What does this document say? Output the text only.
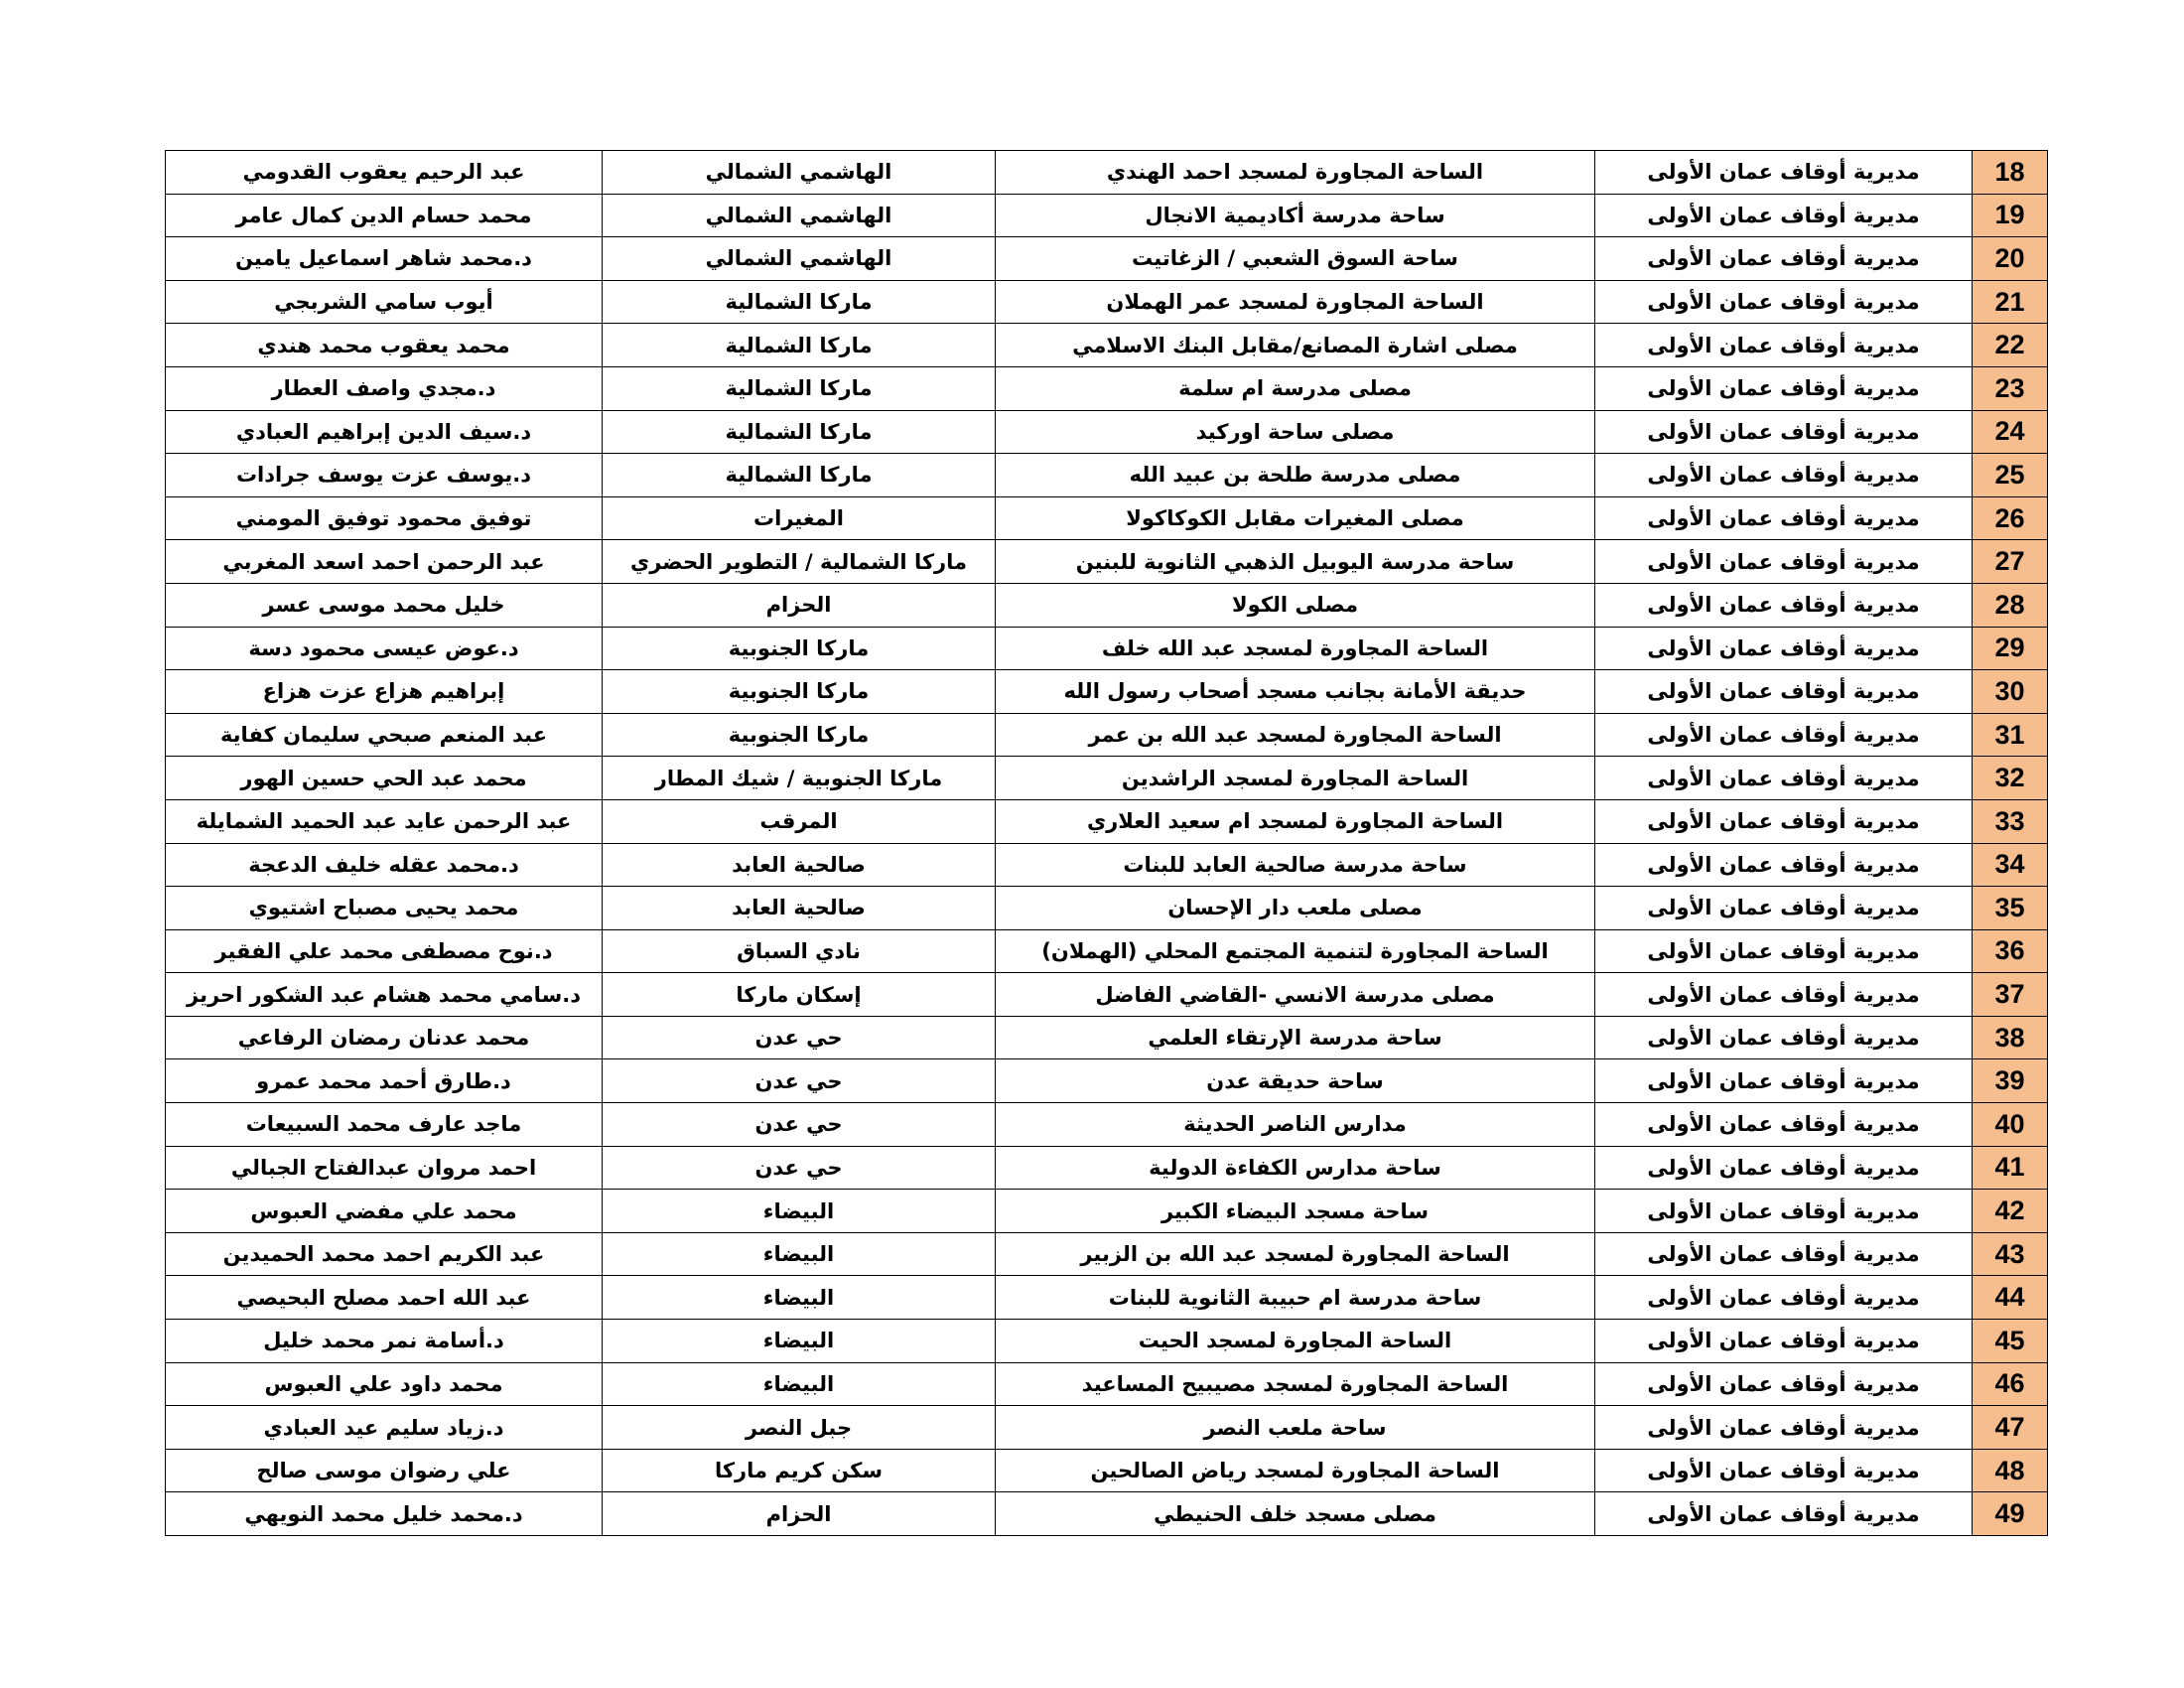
18	مديرية أوقاف عمان الأولى	الساحة المجاورة لمسجد احمد الهندي	الهاشمي الشمالي	عبد الرحيم يعقوب القدومي
19	مديرية أوقاف عمان الأولى	ساحة مدرسة أكاديمية الانجال	الهاشمي الشمالي	محمد حسام الدين كمال عامر
20	مديرية أوقاف عمان الأولى	ساحة السوق الشعبي / الزغاتيت	الهاشمي الشمالي	د.محمد شاهر اسماعيل يامين
21	مديرية أوقاف عمان الأولى	الساحة المجاورة لمسجد عمر الهملان	ماركا الشمالية	أيوب سامي الشربجي
22	مديرية أوقاف عمان الأولى	مصلى اشارة المصانع/مقابل البنك الاسلامي	ماركا الشمالية	محمد يعقوب محمد هندي
23	مديرية أوقاف عمان الأولى	مصلى مدرسة ام سلمة	ماركا الشمالية	د.مجدي واصف العطار
24	مديرية أوقاف عمان الأولى	مصلى ساحة اوركيد	ماركا الشمالية	د.سيف الدين إبراهيم العبادي
25	مديرية أوقاف عمان الأولى	مصلى مدرسة طلحة بن عبيد الله	ماركا الشمالية	د.يوسف عزت يوسف جرادات
26	مديرية أوقاف عمان الأولى	مصلى المغيرات مقابل الكوكاكولا	المغيرات	توفيق محمود توفيق المومني
27	مديرية أوقاف عمان الأولى	ساحة مدرسة اليوبيل الذهبي الثانوية للبنين	ماركا الشمالية / التطوير الحضري	عبد الرحمن احمد اسعد المغربي
28	مديرية أوقاف عمان الأولى	مصلى الكولا	الحزام	خليل محمد موسى عسر
29	مديرية أوقاف عمان الأولى	الساحة المجاورة لمسجد عبد الله خلف	ماركا الجنوبية	د.عوض عيسى محمود دسة
30	مديرية أوقاف عمان الأولى	حديقة الأمانة بجانب مسجد أصحاب رسول الله	ماركا الجنوبية	إبراهيم هزاع عزت هزاع
31	مديرية أوقاف عمان الأولى	الساحة المجاورة لمسجد عبد الله بن عمر	ماركا الجنوبية	عبد المنعم صبحي سليمان كفاية
32	مديرية أوقاف عمان الأولى	الساحة المجاورة لمسجد الراشدين	ماركا الجنوبية / شيك المطار	محمد عبد الحي حسين الهور
33	مديرية أوقاف عمان الأولى	الساحة المجاورة لمسجد ام سعيد العلاري	المرقب	عبد الرحمن عايد عبد الحميد الشمايلة
34	مديرية أوقاف عمان الأولى	ساحة مدرسة صالحية العابد للبنات	صالحية العابد	د.محمد عقله خليف الدعجة
35	مديرية أوقاف عمان الأولى	مصلى ملعب دار الإحسان	صالحية العابد	محمد يحيى مصباح اشتيوي
36	مديرية أوقاف عمان الأولى	الساحة المجاورة لتنمية المجتمع المحلي (الهملان)	نادي السباق	د.نوح مصطفى محمد علي الفقير
37	مديرية أوقاف عمان الأولى	مصلى مدرسة الانسي -القاضي الفاضل	إسكان ماركا	د.سامي محمد هشام عبد الشكور احريز
38	مديرية أوقاف عمان الأولى	ساحة مدرسة الإرتقاء العلمي	حي عدن	محمد عدنان رمضان الرفاعي
39	مديرية أوقاف عمان الأولى	ساحة حديقة عدن	حي عدن	د.طارق أحمد محمد عمرو
40	مديرية أوقاف عمان الأولى	مدارس الناصر الحديثة	حي عدن	ماجد عارف محمد السبيعات
41	مديرية أوقاف عمان الأولى	ساحة مدارس الكفاءة الدولية	حي عدن	احمد مروان عبدالفتاح الجبالي
42	مديرية أوقاف عمان الأولى	ساحة مسجد البيضاء الكبير	البيضاء	محمد علي مفضي العبوس
43	مديرية أوقاف عمان الأولى	الساحة المجاورة لمسجد عبد الله بن الزبير	البيضاء	عبد الكريم احمد محمد الحميدين
44	مديرية أوقاف عمان الأولى	ساحة مدرسة ام حبيبة الثانوية للبنات	البيضاء	عبد الله احمد مصلح البحيصي
45	مديرية أوقاف عمان الأولى	الساحة المجاورة لمسجد الحيت	البيضاء	د.أسامة نمر محمد خليل
46	مديرية أوقاف عمان الأولى	الساحة المجاورة لمسجد مصيبيح المساعيد	البيضاء	محمد داود علي العبوس
47	مديرية أوقاف عمان الأولى	ساحة ملعب النصر	جبل النصر	د.زياد سليم عيد العبادي
48	مديرية أوقاف عمان الأولى	الساحة المجاورة لمسجد رياض الصالحين	سكن كريم ماركا	علي رضوان موسى صالح
49	مديرية أوقاف عمان الأولى	مصلى مسجد خلف الحنيطي	الحزام	د.محمد خليل محمد النويهي
